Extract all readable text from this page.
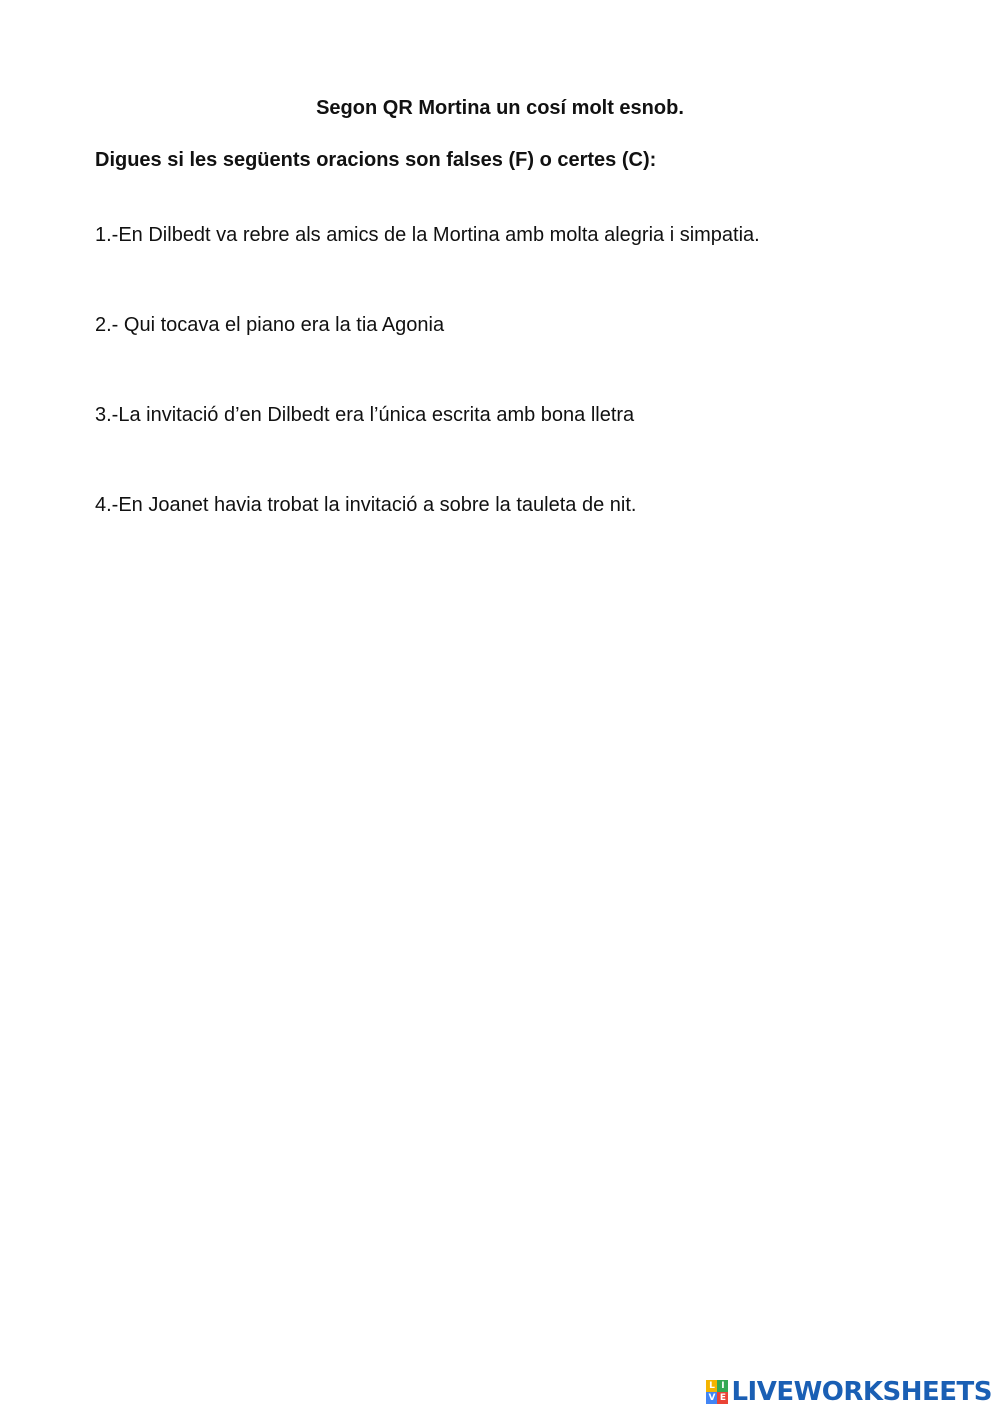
Segon QR Mortina un cosí molt esnob.
Digues si les següents oracions son falses (F) o certes (C):
1.-En Dilbedt va rebre als amics de la Mortina amb molta alegria i simpatia.
2.- Qui tocava el piano era la tia Agonia
3.-La invitació d’en Dilbedt era l’única escrita amb bona lletra
4.-En Joanet havia trobat la invitació a sobre la tauleta de nit.
L I
V E LIVEWORKSHEETS
